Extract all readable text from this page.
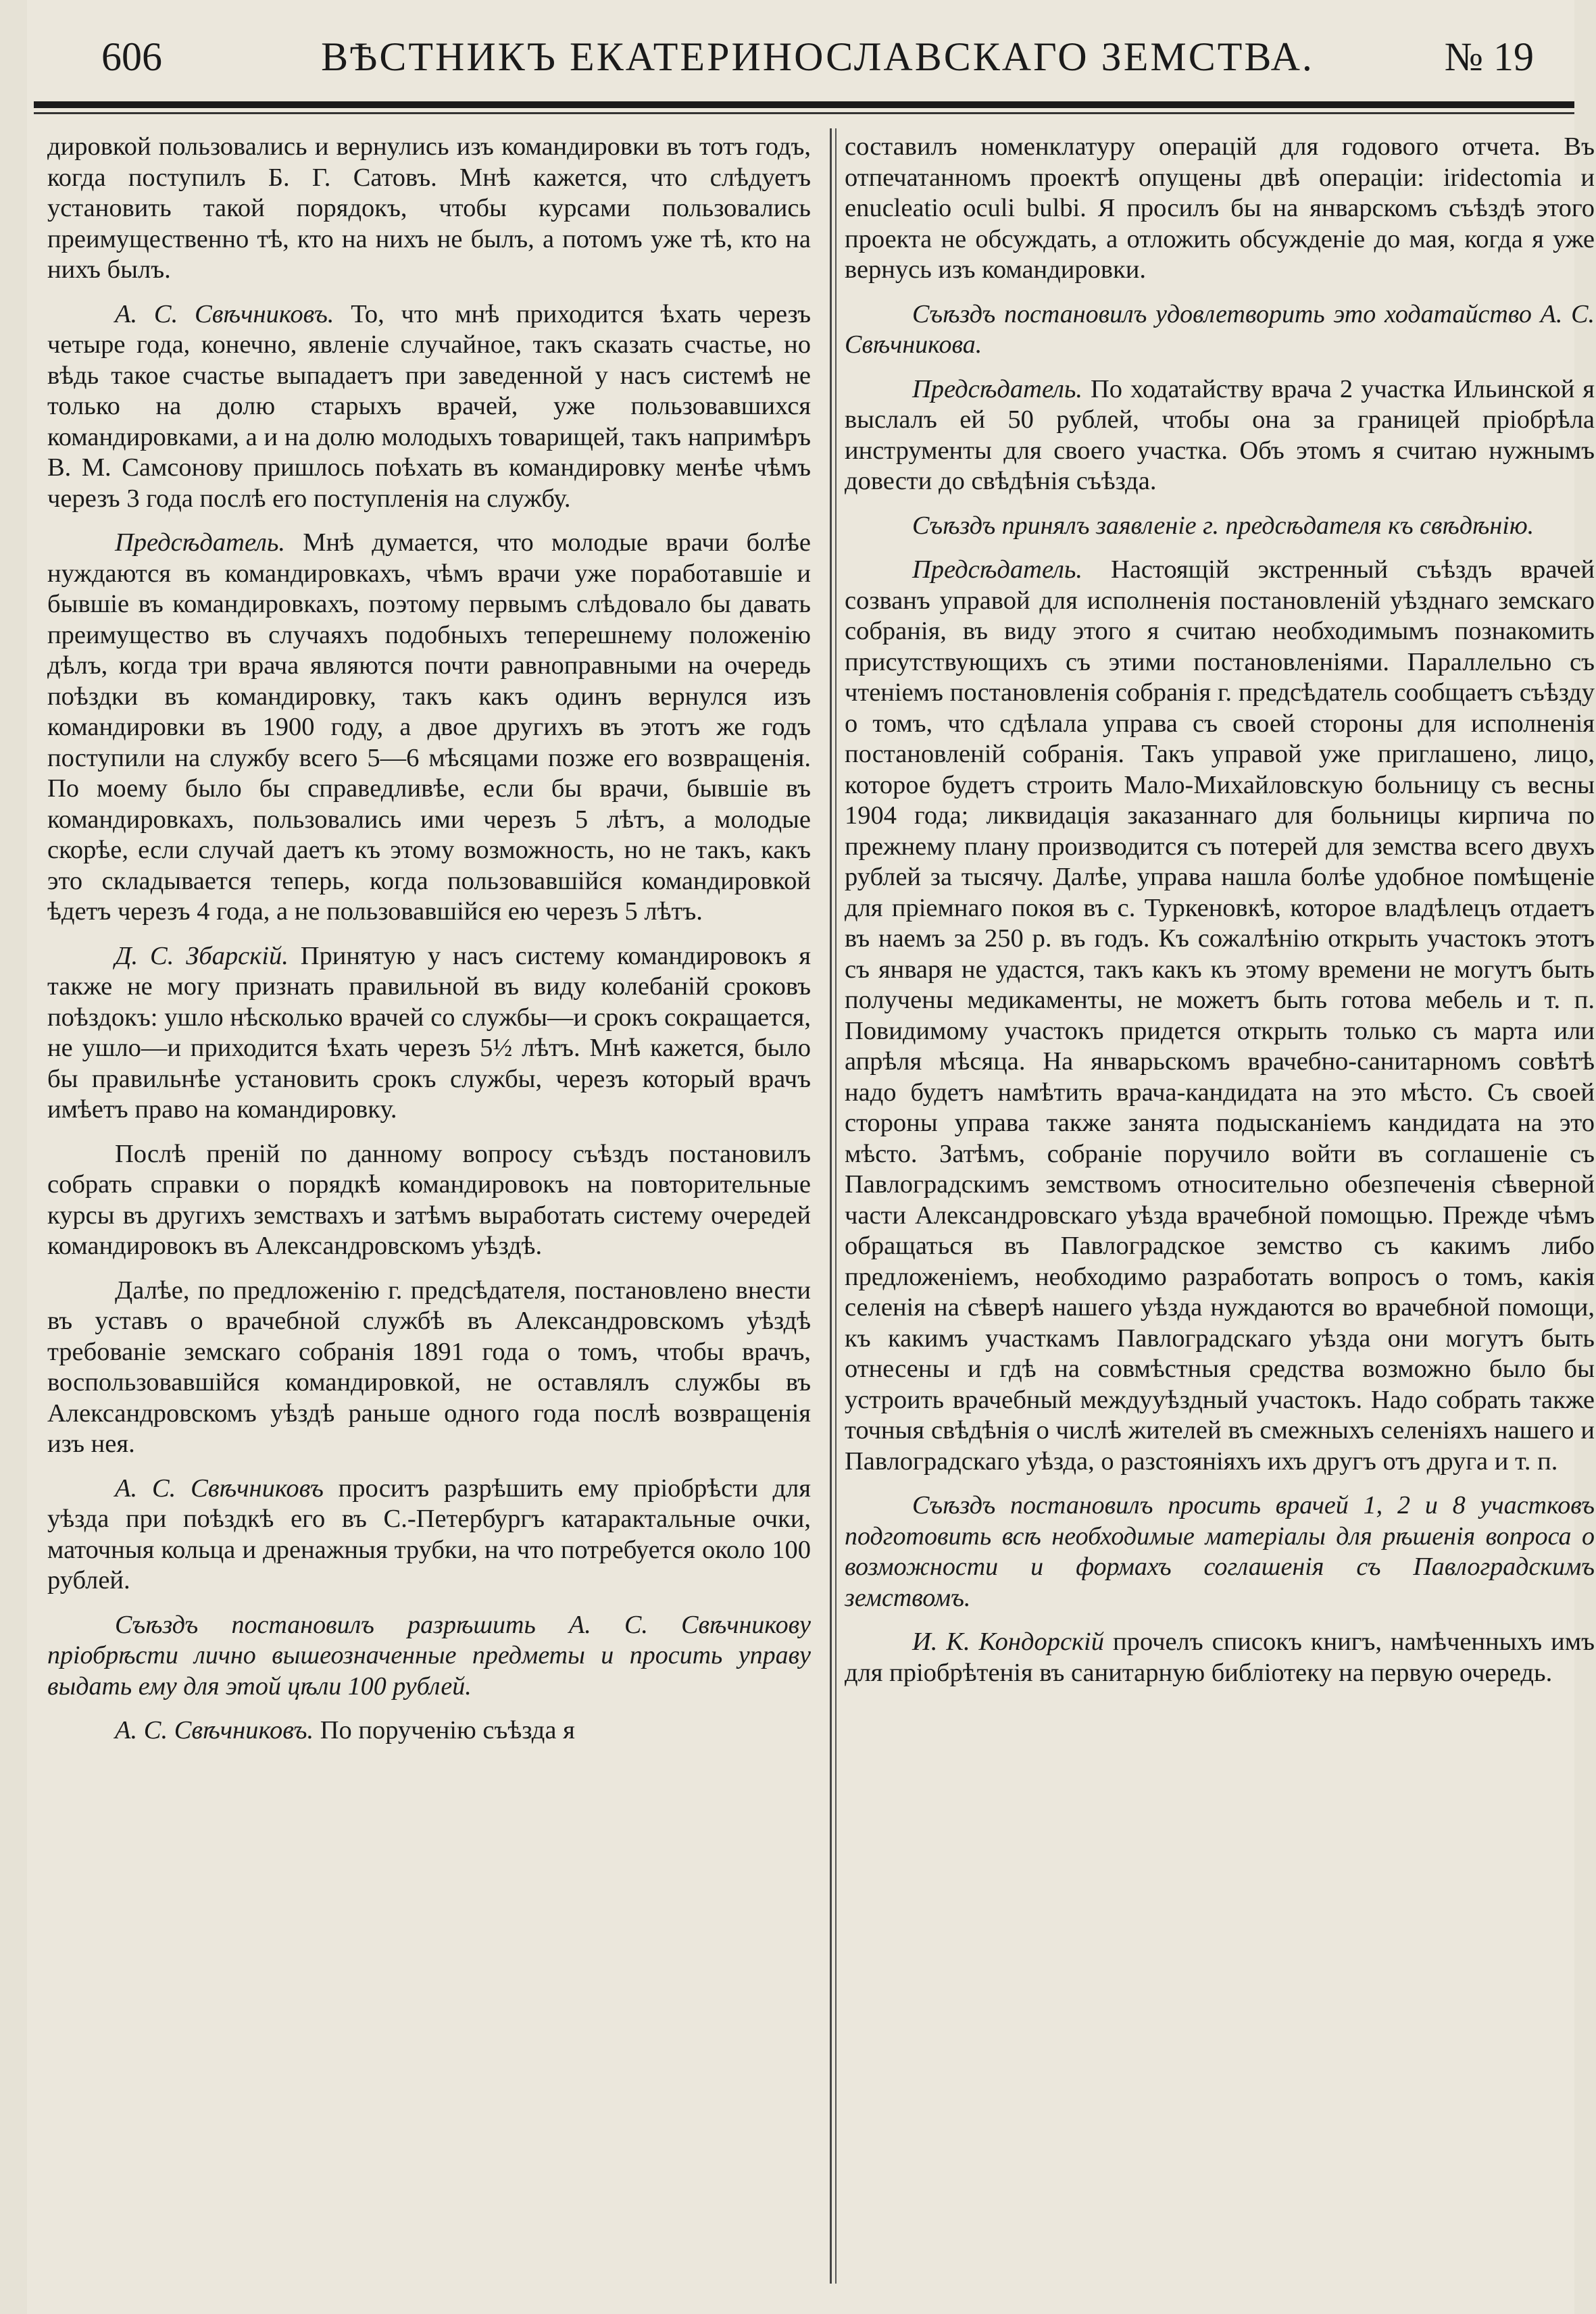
606	ВѢСТНИКЪ ЕКАТЕРИНОСЛАВСКАГО ЗЕМСТВА.	№ 19

дировкой пользовались и вернулись изъ командировки въ тотъ годъ, когда поступилъ Б. Г. Сатовъ. Мнѣ кажется, что слѣдуетъ установить такой порядокъ, чтобы курсами пользовались преимущественно тѣ, кто на нихъ не былъ, а потомъ уже тѣ, кто на нихъ былъ.

А. С. Свѣчниковъ. То, что мнѣ приходится ѣхать черезъ четыре года, конечно, явленіе случайное, такъ сказать счастье, но вѣдь такое счастье выпадаетъ при заведенной у насъ системѣ не только на долю старыхъ врачей, уже пользовавшихся командировками, а и на долю молодыхъ товарищей, такъ напримѣръ В. М. Самсонову пришлось поѣхать въ командировку менѣе чѣмъ черезъ 3 года послѣ его поступленія на службу.

Предсѣдатель. Мнѣ думается, что молодые врачи болѣе нуждаются въ командировкахъ, чѣмъ врачи уже поработавшіе и бывшіе въ командировкахъ, поэтому первымъ слѣдовало бы давать преимущество въ случаяхъ подобныхъ теперешнему положенію дѣлъ, когда три врача являются почти равноправными на очередь поѣздки въ командировку, такъ какъ одинъ вернулся изъ командировки въ 1900 году, а двое другихъ въ этотъ же годъ поступили на службу всего 5—6 мѣсяцами позже его возвращенія. По моему было бы справедливѣе, если бы врачи, бывшіе въ командировкахъ, пользовались ими черезъ 5 лѣтъ, а молодые скорѣе, если случай даетъ къ этому возможность, но не такъ, какъ это складывается теперь, когда пользовавшійся командировкой ѣдетъ черезъ 4 года, а не пользовавшійся ею черезъ 5 лѣтъ.

Д. С. Збарскій. Принятую у насъ систему командировокъ я также не могу признать правильной въ виду колебаній сроковъ поѣздокъ: ушло нѣсколько врачей со службы—и срокъ сокращается, не ушло—и приходится ѣхать черезъ 5½ лѣтъ. Мнѣ кажется, было бы правильнѣе установить срокъ службы, черезъ который врачъ имѣетъ право на командировку.

Послѣ преній по данному вопросу съѣздъ постановилъ собрать справки о порядкѣ командировокъ на повторительные курсы въ другихъ земствахъ и затѣмъ выработать систему очередей командировокъ въ Александровскомъ уѣздѣ.

Далѣе, по предложенію г. предсѣдателя, постановлено внести въ уставъ о врачебной службѣ въ Александровскомъ уѣздѣ требованіе земскаго собранія 1891 года о томъ, чтобы врачъ, воспользовавшійся командировкой, не оставлялъ службы въ Александровскомъ уѣздѣ раньше одного года послѣ возвращенія изъ нея.

А. С. Свѣчниковъ проситъ разрѣшить ему пріобрѣсти для уѣзда при поѣздкѣ его въ С.-Петербургъ катарактальные очки, маточныя кольца и дренажныя трубки, на что потребуется около 100 рублей.

Съѣздъ постановилъ разрѣшить А. С. Свѣчникову пріобрѣсти лично вышеозначенные предметы и просить управу выдать ему для этой цѣли 100 рублей.

А. С. Свѣчниковъ. По порученію съѣзда я

составилъ номенклатуру операцій для годового отчета. Въ отпечатанномъ проектѣ опущены двѣ операціи: iridectomia и enucleatio oculi bulbi. Я просилъ бы на январскомъ съѣздѣ этого проекта не обсуждать, а отложить обсужденіе до мая, когда я уже вернусь изъ командировки.

Съѣздъ постановилъ удовлетворить это ходатайство А. С. Свѣчникова.

Предсѣдатель. По ходатайству врача 2 участка Ильинской я выслалъ ей 50 рублей, чтобы она за границей пріобрѣла инструменты для своего участка. Объ этомъ я считаю нужнымъ довести до свѣдѣнія съѣзда.

Съѣздъ принялъ заявленіе г. предсѣдателя къ свѣдѣнію.

Предсѣдатель. Настоящій экстренный съѣздъ врачей созванъ управой для исполненія постановленій уѣзднаго земскаго собранія, въ виду этого я считаю необходимымъ познакомить присутствующихъ съ этими постановленіями. Параллельно съ чтеніемъ постановленія собранія г. предсѣдатель сообщаетъ съѣзду о томъ, что сдѣлала управа съ своей стороны для исполненія постановленій собранія. Такъ управой уже приглашено, лицо, которое будетъ строить Мало-Михайловскую больницу съ весны 1904 года; ликвидація заказаннаго для больницы кирпича по прежнему плану производится съ потерей для земства всего двухъ рублей за тысячу. Далѣе, управа нашла болѣе удобное помѣщеніе для пріемнаго покоя въ с. Туркеновкѣ, которое владѣлецъ отдаетъ въ наемъ за 250 р. въ годъ. Къ сожалѣнію открыть участокъ этотъ съ января не удастся, такъ какъ къ этому времени не могутъ быть получены медикаменты, не можетъ быть готова мебель и т. п. Повидимому участокъ придется открыть только съ марта или апрѣля мѣсяца. На январьскомъ врачебно-санитарномъ совѣтѣ надо будетъ намѣтить врача-кандидата на это мѣсто. Съ своей стороны управа также занята подыскaніемъ кандидата на это мѣсто. Затѣмъ, собраніе поручило войти въ соглашеніе съ Павлоградскимъ земствомъ относительно обезпеченія сѣверной части Александровскаго уѣзда врачебной помощью. Прежде чѣмъ обращаться въ Павлоградское земство съ какимъ либо предложеніемъ, необходимо разработать вопросъ о томъ, какія селенія на сѣверѣ нашего уѣзда нуждаются во врачебной помощи, къ какимъ участкамъ Павлоградскаго уѣзда они могутъ быть отнесены и гдѣ на совмѣстныя средства возможно было бы устроить врачебный междууѣздный участокъ. Надо собрать также точныя свѣдѣнія о числѣ жителей въ смежныхъ селеніяхъ нашего и Павлоградскаго уѣзда, о разстояніяхъ ихъ другъ отъ друга и т. п.

Съѣздъ постановилъ просить врачей 1, 2 и 8 участковъ подготовить всѣ необходимые матеріалы для рѣшенія вопроса о возможности и формахъ соглашенія съ Павлоградскимъ земствомъ.

И. К. Кондорскій прочелъ списокъ книгъ, намѣченныхъ имъ для пріобрѣтенія въ санитарную библіотеку на первую очередь.
